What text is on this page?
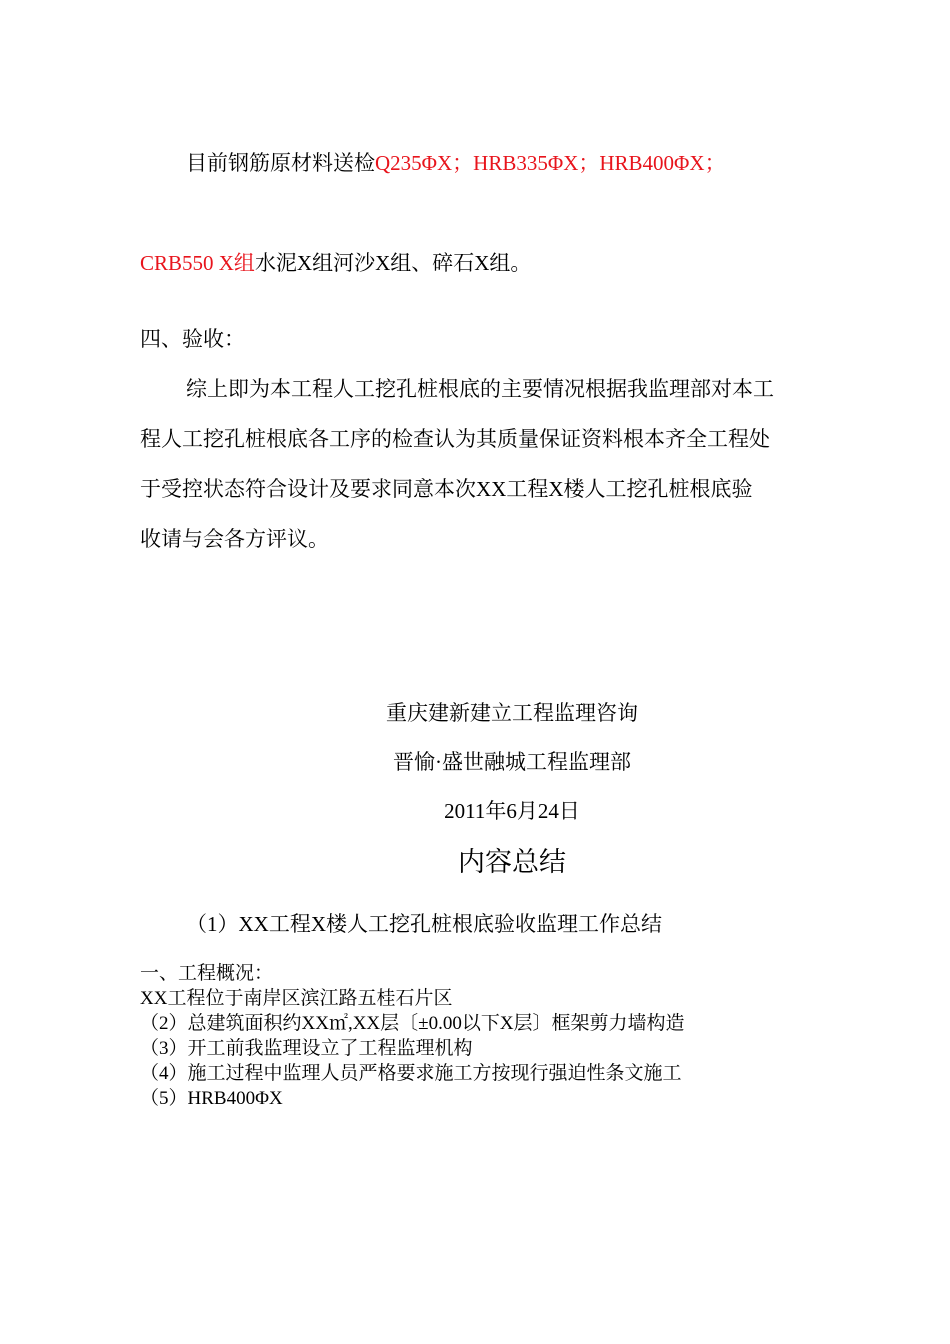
目前钢筋原材料送检Q235ΦX；HRB335ΦX；HRB400ΦX；
CRB550 X组水泥X组河沙X组、碎石X组。
四、验收：
综上即为本工程人工挖孔桩根底的主要情况根据我监理部对本工
程人工挖孔桩根底各工序的检查认为其质量保证资料根本齐全工程处
于受控状态符合设计及要求同意本次XX工程X楼人工挖孔桩根底验
收请与会各方评议。
重庆建新建立工程监理咨询
晋愉·盛世融城工程监理部
2011年6月24日
内容总结
（1）XX工程X楼人工挖孔桩根底验收监理工作总结
一、工程概况：
XX工程位于南岸区滨江路五桂石片区
（2）总建筑面积约XX㎡,XX层〔±0.00以下X层〕框架剪力墙构造
（3）开工前我监理设立了工程监理机构
（4）施工过程中监理人员严格要求施工方按现行强迫性条文施工
（5）HRB400ΦX
